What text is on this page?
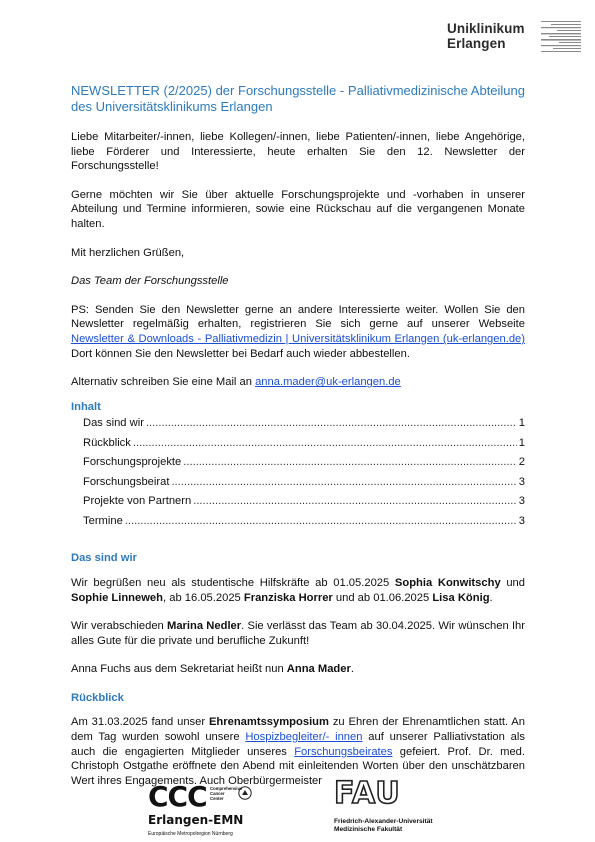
Uniklinikum
Erlangen
NEWSLETTER (2/2025) der Forschungsstelle - Palliativmedizinische Abteilung des Universitätsklinikums Erlangen

Liebe Mitarbeiter/-innen, liebe Kollegen/-innen, liebe Patienten/-innen, liebe Angehörige, liebe Förderer und Interessierte, heute erhalten Sie den 12. Newsletter der Forschungsstelle!

Gerne möchten wir Sie über aktuelle Forschungsprojekte und -vorhaben in unserer Abteilung und Termine informieren, sowie eine Rückschau auf die vergangenen Monate halten.

Mit herzlichen Grüßen,

Das Team der Forschungsstelle

PS: Senden Sie den Newsletter gerne an andere Interessierte weiter. Wollen Sie den Newsletter regelmäßig erhalten, registrieren Sie sich gerne auf unserer Webseite Newsletter & Downloads - Palliativmedizin | Universitätsklinikum Erlangen (uk-erlangen.de) Dort können Sie den Newsletter bei Bedarf auch wieder abbestellen.

Alternativ schreiben Sie eine Mail an anna.mader@uk-erlangen.de

Inhalt
Das sind wir .....	1
Rückblick .....	1
Forschungsprojekte .....	2
Forschungsbeirat .....	3
Projekte von Partnern .....	3
Termine .....	3
Das sind wir

Wir begrüßen neu als studentische Hilfskräfte ab 01.05.2025 Sophia Konwitschy und Sophie Linneweh, ab 16.05.2025 Franziska Horrer und ab 01.06.2025 Lisa König.

Wir verabschieden Marina Nedler. Sie verlässt das Team ab 30.04.2025. Wir wünschen Ihr alles Gute für die private und berufliche Zukunft!

Anna Fuchs aus dem Sekretariat heißt nun Anna Mader.

Rückblick

Am 31.03.2025 fand unser Ehrenamtssymposium zu Ehren der Ehrenamtlichen statt. An dem Tag wurden sowohl unsere Hospizbegleiter/- innen auf unserer Palliativstation als auch die engagierten Mitglieder unseres Forschungsbeirates gefeiert. Prof. Dr. med. Christoph Ostgathe eröffnete den Abend mit einleitenden Worten über den unschätzbaren Wert ihres Engagements. Auch Oberbürgermeister

CCC Comprehensive
Cancer
Center
Erlangen-EMN
Europäische Metropolregion Nürnberg
FAU
Friedrich-Alexander-Universität
Medizinische Fakultät
